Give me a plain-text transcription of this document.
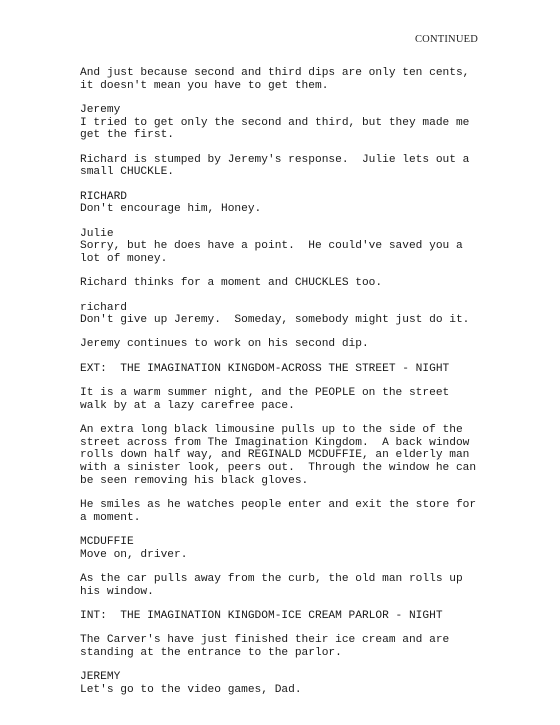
CONTINUED
And just because second and third dips are only ten cents,
it doesn't mean you have to get them.
Jeremy
I tried to get only the second and third, but they made me
get the first.
Richard is stumped by Jeremy's response.  Julie lets out a
small CHUCKLE.
RICHARD
Don't encourage him, Honey.
Julie
Sorry, but he does have a point.  He could've saved you a
lot of money.
Richard thinks for a moment and CHUCKLES too.
richard
Don't give up Jeremy.  Someday, somebody might just do it.
Jeremy continues to work on his second dip.
EXT:  THE IMAGINATION KINGDOM-ACROSS THE STREET - NIGHT
It is a warm summer night, and the PEOPLE on the street
walk by at a lazy carefree pace.
An extra long black limousine pulls up to the side of the
street across from The Imagination Kingdom.  A back window
rolls down half way, and REGINALD MCDUFFIE, an elderly man
with a sinister look, peers out.  Through the window he can
be seen removing his black gloves.
He smiles as he watches people enter and exit the store for
a moment.
MCDUFFIE
Move on, driver.
As the car pulls away from the curb, the old man rolls up
his window.
INT:  THE IMAGINATION KINGDOM-ICE CREAM PARLOR - NIGHT
The Carver's have just finished their ice cream and are
standing at the entrance to the parlor.
JEREMY
Let's go to the video games, Dad.
